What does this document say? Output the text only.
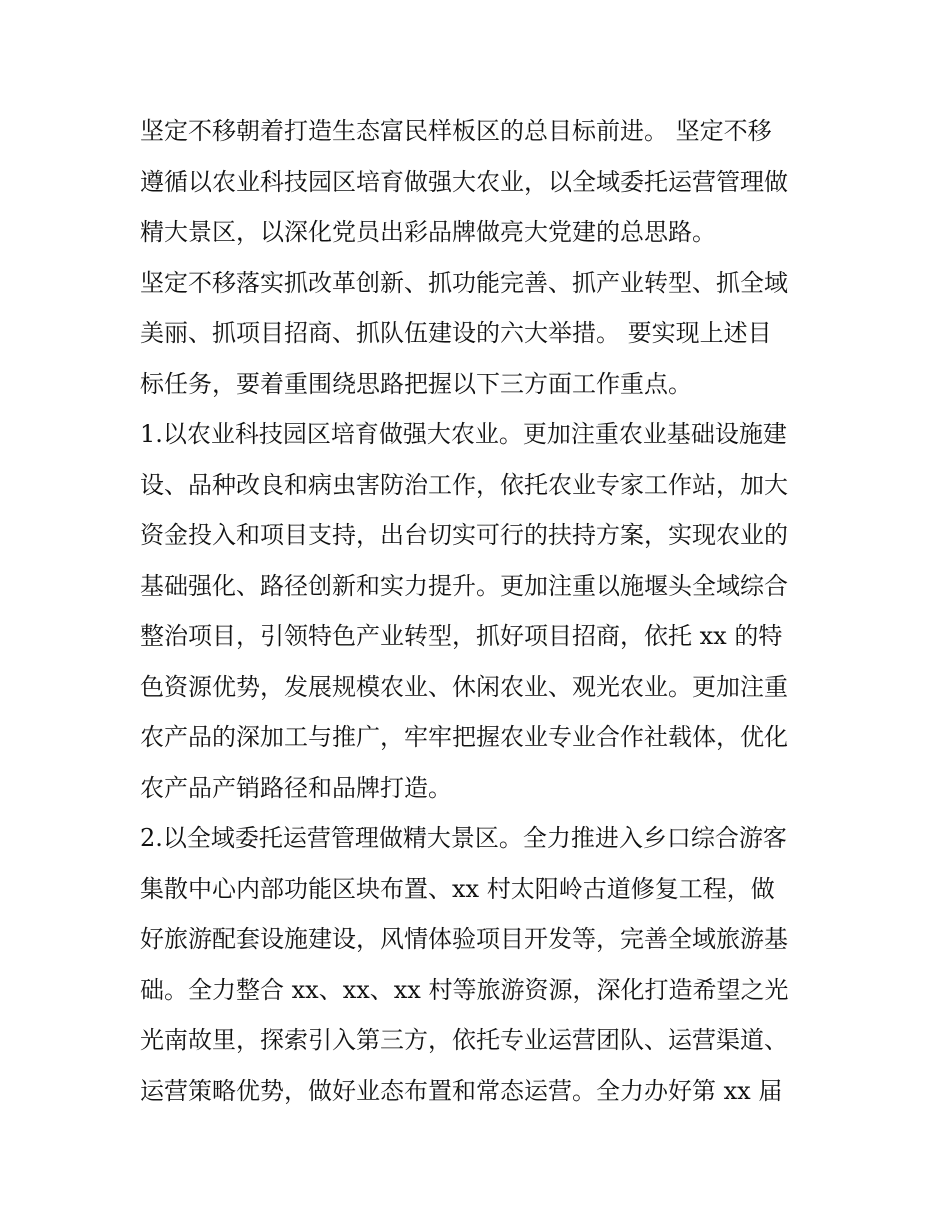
坚定不移朝着打造生态富民样板区的总目标前进。 坚定不移
遵循以农业科技园区培育做强大农业，以全域委托运营管理做
精大景区，以深化党员出彩品牌做亮大党建的总思路。
坚定不移落实抓改革创新、抓功能完善、抓产业转型、抓全域
美丽、抓项目招商、抓队伍建设的六大举措。 要实现上述目
标任务，要着重围绕思路把握以下三方面工作重点。
1.以农业科技园区培育做强大农业。更加注重农业基础设施建
设、品种改良和病虫害防治工作，依托农业专家工作站，加大
资金投入和项目支持，出台切实可行的扶持方案，实现农业的
基础强化、路径创新和实力提升。更加注重以施堰头全域综合
整治项目，引领特色产业转型，抓好项目招商，依托 xx 的特
色资源优势，发展规模农业、休闲农业、观光农业。更加注重
农产品的深加工与推广，牢牢把握农业专业合作社载体，优化
农产品产销路径和品牌打造。
2.以全域委托运营管理做精大景区。全力推进入乡口综合游客
集散中心内部功能区块布置、xx 村太阳岭古道修复工程，做
好旅游配套设施建设，风情体验项目开发等，完善全域旅游基
础。全力整合 xx、xx、xx 村等旅游资源，深化打造希望之光
光南故里，探索引入第三方，依托专业运营团队、运营渠道、
运营策略优势，做好业态布置和常态运营。全力办好第 xx 届
